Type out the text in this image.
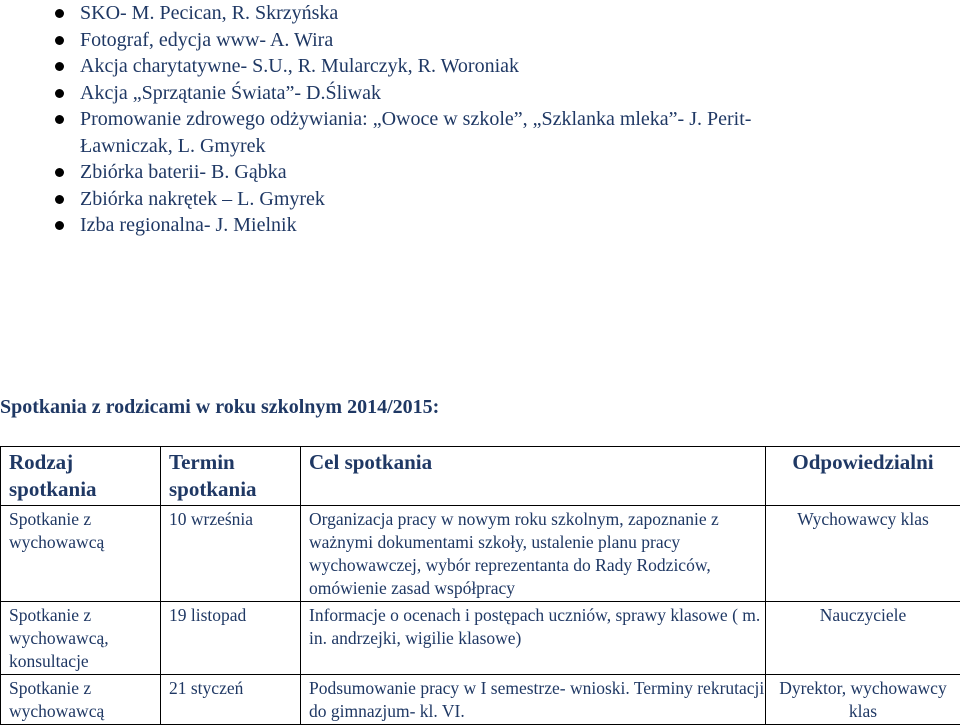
SKO- M. Pecican, R. Skrzyńska
Fotograf, edycja www- A. Wira
Akcja charytatywne- S.U., R. Mularczyk, R. Woroniak
Akcja „Sprzątanie Świata”- D.Śliwak
Promowanie zdrowego odżywiania: „Owoce w szkole”, „Szklanka mleka”- J. Perit-Ławniczak, L. Gmyrek
Zbiórka baterii- B. Gąbka
Zbiórka nakrętek – L. Gmyrek
Izba regionalna- J. Mielnik
Spotkania z rodzicami w roku szkolnym 2014/2015:
Rodzaj spotkania	Termin spotkania	Cel spotkania	Odpowiedzialni

Spotkanie z wychowawcą	10 września	Organizacja pracy w nowym roku szkolnym, zapoznanie z ważnymi dokumentami szkoły, ustalenie planu pracy wychowawczej, wybór reprezentanta do Rady Rodziców, omówienie zasad współpracy	Wychowawcy klas

Spotkanie z wychowawcą, konsultacje	19 listopad	Informacje o ocenach i postępach uczniów, sprawy klasowe ( m. in. andrzejki, wigilie klasowe)	Nauczyciele

Spotkanie z wychowawcą	21 styczeń	Podsumowanie pracy w I semestrze- wnioski. Terminy rekrutacji do gimnazjum- kl. VI.	Dyrektor, wychowawcy klas
